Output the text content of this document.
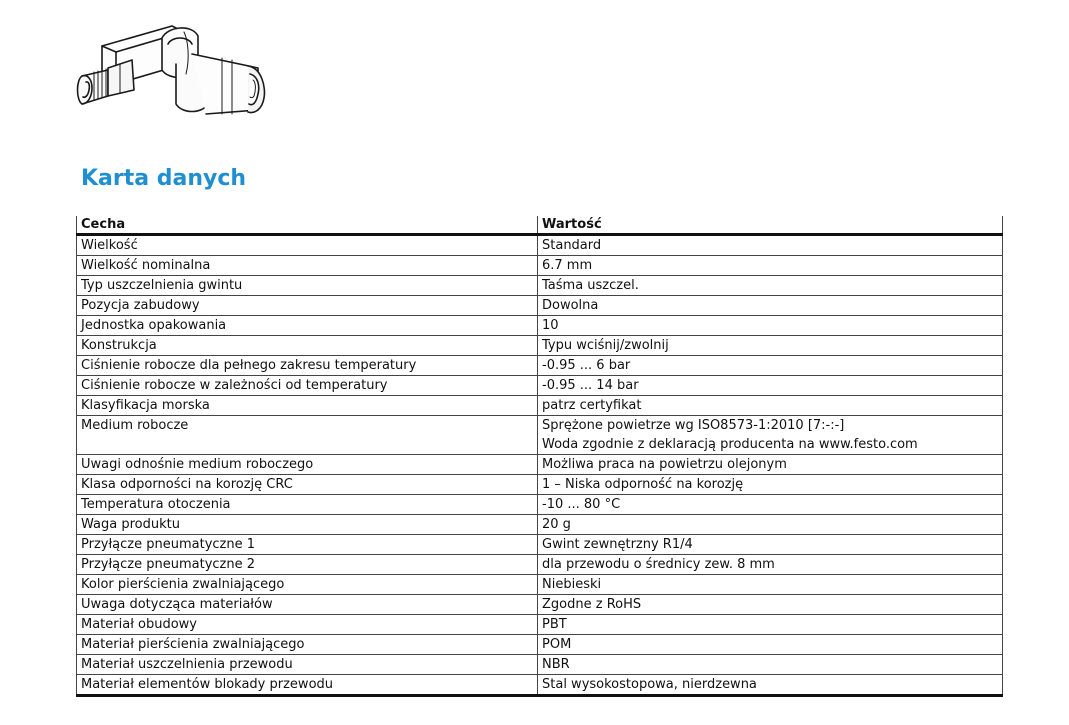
Karta danych
Cecha	Wartość
Wielkość	Standard
Wielkość nominalna	6.7 mm
Typ uszczelnienia gwintu	Taśma uszczel.
Pozycja zabudowy	Dowolna
Jednostka opakowania	10
Konstrukcja	Typu wciśnij/zwolnij
Ciśnienie robocze dla pełnego zakresu temperatury	-0.95 ... 6 bar
Ciśnienie robocze w zależności od temperatury	-0.95 ... 14 bar
Klasyfikacja morska	patrz certyfikat
Medium robocze	Sprężone powietrze wg ISO8573-1:2010 [7:-:-]
Woda zgodnie z deklaracją producenta na www.festo.com

Uwagi odnośnie medium roboczego	Możliwa praca na powietrzu olejonym
Klasa odporności na korozję CRC	1 – Niska odporność na korozję
Temperatura otoczenia	-10 ... 80 °C
Waga produktu	20 g
Przyłącze pneumatyczne 1	Gwint zewnętrzny R1/4
Przyłącze pneumatyczne 2	dla przewodu o średnicy zew. 8 mm
Kolor pierścienia zwalniającego	Niebieski
Uwaga dotycząca materiałów	Zgodne z RoHS
Materiał obudowy	PBT
Materiał pierścienia zwalniającego	POM
Materiał uszczelnienia przewodu	NBR
Materiał elementów blokady przewodu	Stal wysokostopowa, nierdzewna
